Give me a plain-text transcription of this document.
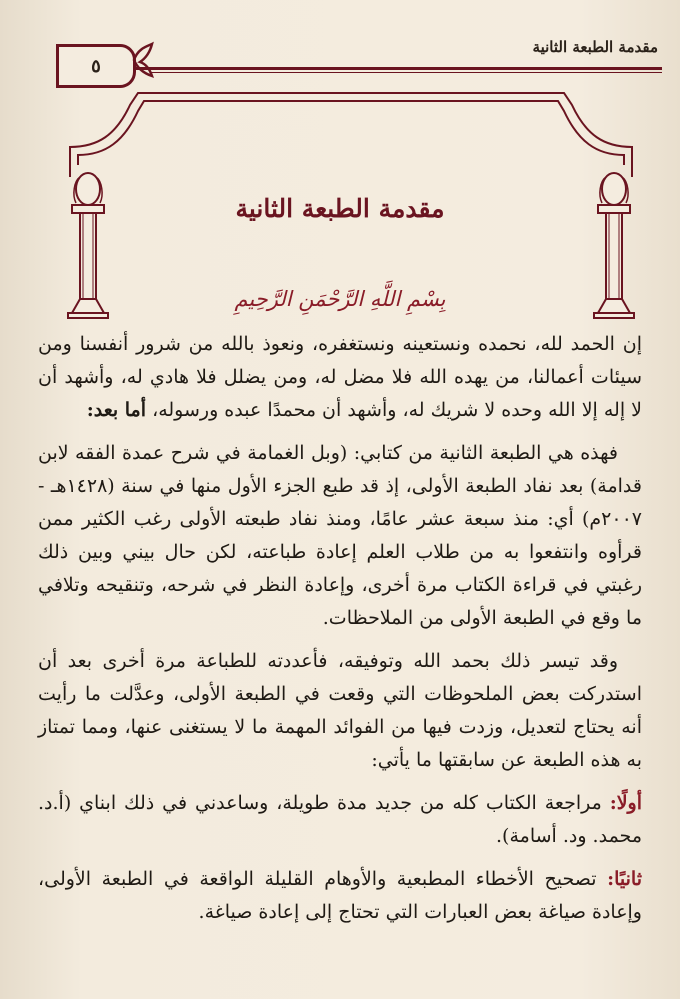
مقدمة الطبعة الثانية
٥
مقدمة الطبعة الثانية
بِسْمِ اللَّهِ الرَّحْمَنِ الرَّحِيمِ

إن الحمد لله، نحمده ونستعينه ونستغفره، ونعوذ بالله من شرور أنفسنا ومن سيئات أعمالنا، من يهده الله فلا مضل له، ومن يضلل فلا هادي له، وأشهد أن لا إله إلا الله وحده لا شريك له، وأشهد أن محمدًا عبده ورسوله، أما بعد:

فهذه هي الطبعة الثانية من كتابي: (وبل الغمامة في شرح عمدة الفقه لابن قدامة) بعد نفاد الطبعة الأولى، إذ قد طبع الجزء الأول منها في سنة (١٤٢٨هـ - ٢٠٠٧م) أي: منذ سبعة عشر عامًا، ومنذ نفاد طبعته الأولى رغب الكثير ممن قرأوه وانتفعوا به من طلاب العلم إعادة طباعته، لكن حال بيني وبين ذلك رغبتي في قراءة الكتاب مرة أخرى، وإعادة النظر في شرحه، وتنقيحه وتلافي ما وقع في الطبعة الأولى من الملاحظات.

وقد تيسر ذلك بحمد الله وتوفيقه، فأعددته للطباعة مرة أخرى بعد أن استدركت بعض الملحوظات التي وقعت في الطبعة الأولى، وعدَّلت ما رأيت أنه يحتاج لتعديل، وزدت فيها من الفوائد المهمة ما لا يستغنى عنها، ومما تمتاز به هذه الطبعة عن سابقتها ما يأتي:

أولًا: مراجعة الكتاب كله من جديد مدة طويلة، وساعدني في ذلك ابناي (أ.د. محمد. ود. أسامة).

ثانيًا: تصحيح الأخطاء المطبعية والأوهام القليلة الواقعة في الطبعة الأولى، وإعادة صياغة بعض العبارات التي تحتاج إلى إعادة صياغة.
